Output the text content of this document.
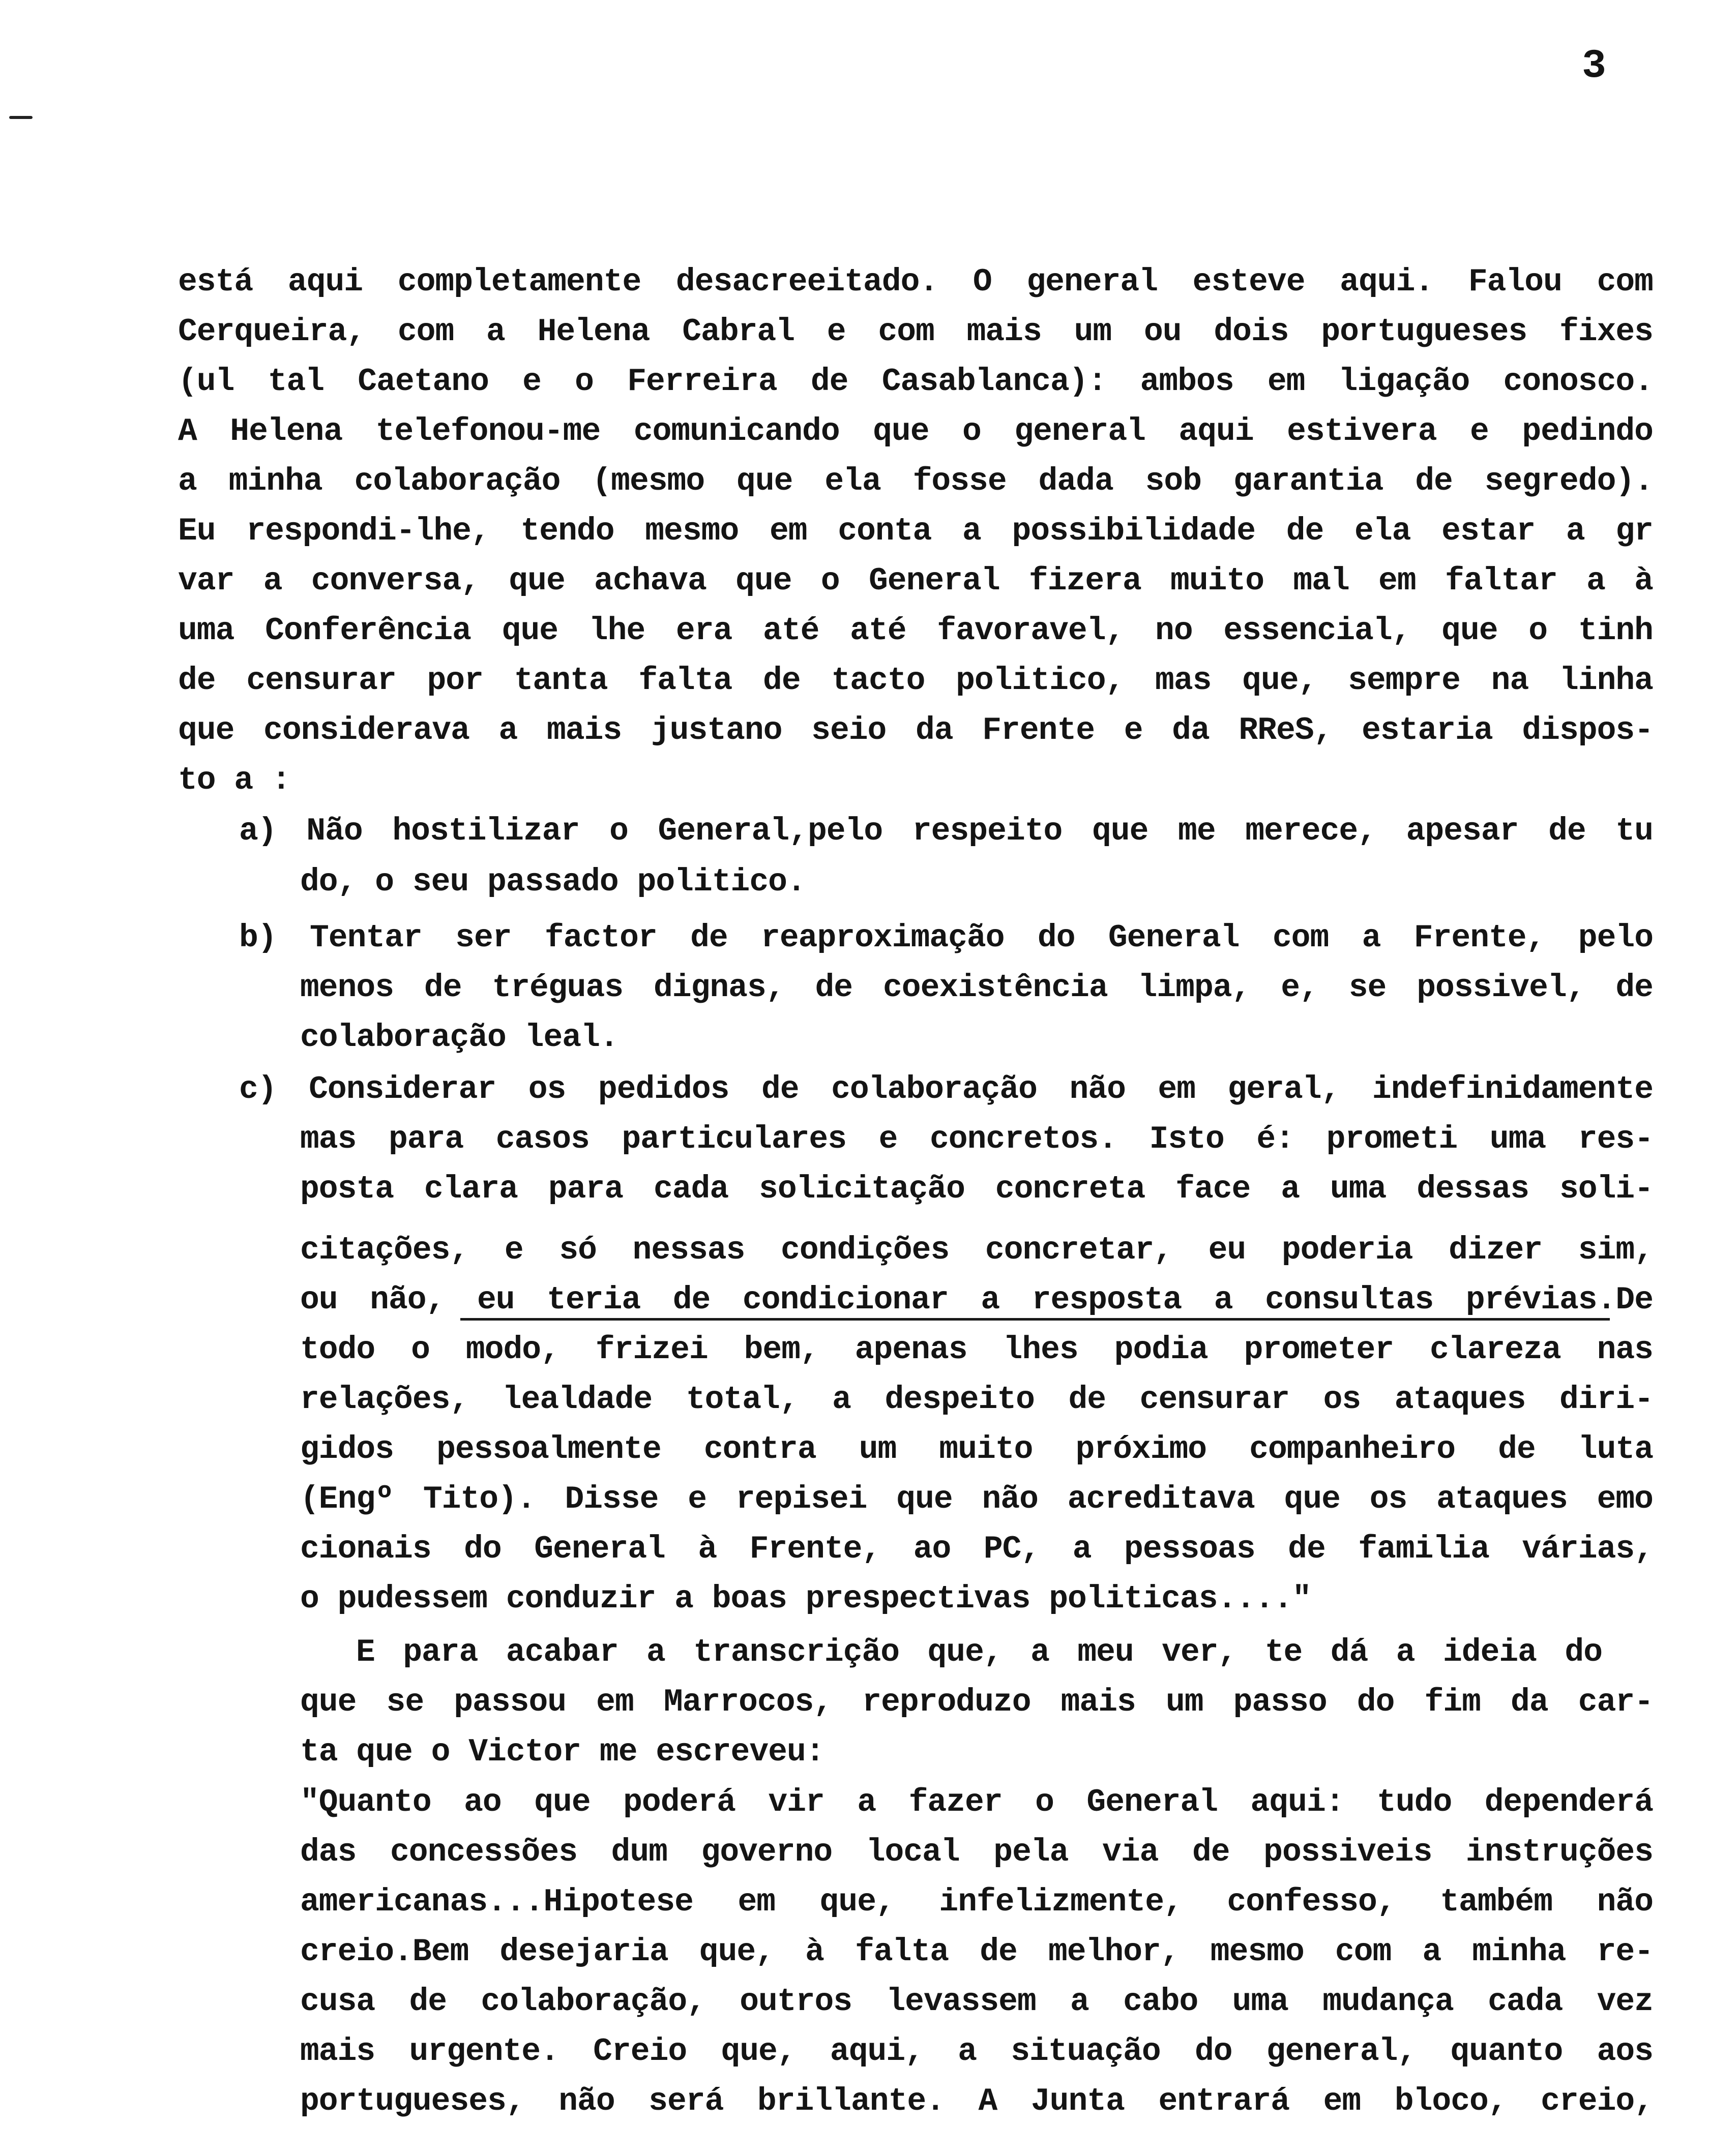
3
está aqui completamente desacreeitado. O general esteve aqui. Falou com
Cerqueira, com a Helena Cabral e com mais um ou dois portugueses fixes
(ul tal Caetano e o Ferreira de Casablanca): ambos em ligação conosco.
A Helena telefonou-me comunicando que o general aqui estivera e pedindo
a minha colaboração (mesmo que ela fosse dada sob garantia de segredo).
Eu respondi-lhe, tendo mesmo em conta a possibilidade de ela estar a gr
var a conversa, que achava que o General fizera muito mal em faltar a à
uma Conferência que lhe era até até favoravel, no essencial, que o tinh
de censurar por tanta falta de tacto politico, mas que, sempre na linha
que considerava a mais justano seio da Frente e da RReS, estaria dispos-
to a :
a) Não hostilizar o General,pelo respeito que me merece, apesar de tu
do, o seu passado politico.
b) Tentar ser factor de reaproximação do General com a Frente, pelo
menos de tréguas dignas, de coexistência limpa, e, se possivel, de
colaboração leal.
c) Considerar os pedidos de colaboração não em geral, indefinidamente
mas para casos particulares e concretos. Isto é: prometi uma res-
posta clara para cada solicitação concreta face a uma dessas soli-
citações, e só nessas condições concretar, eu poderia dizer sim,
ou não, eu teria de condicionar a resposta a consultas prévias.De
todo o modo, frizei bem, apenas lhes podia prometer clareza nas
relações, lealdade total, a despeito de censurar os ataques diri-
gidos pessoalmente contra um muito próximo companheiro de luta
(Engº Tito). Disse e repisei que não acreditava que os ataques emo
cionais do General à Frente, ao PC, a pessoas de familia várias,
o pudessem conduzir a boas prespectivas politicas...."
E para acabar a transcrição que, a meu ver, te dá a ideia do
que se passou em Marrocos, reproduzo mais um passo do fim da car-
ta que o Victor me escreveu:
"Quanto ao que poderá vir a fazer o General aqui: tudo dependerá
das concessões dum governo local pela via de possiveis instruções
americanas...Hipotese em que, infelizmente, confesso, também não
creio.Bem desejaria que, à falta de melhor, mesmo com a minha re-
cusa de colaboração, outros levassem a cabo uma mudança cada vez
mais urgente. Creio que, aqui, a situação do general, quanto aos
portugueses, não será brillante. A Junta entrará em bloco, creio,
